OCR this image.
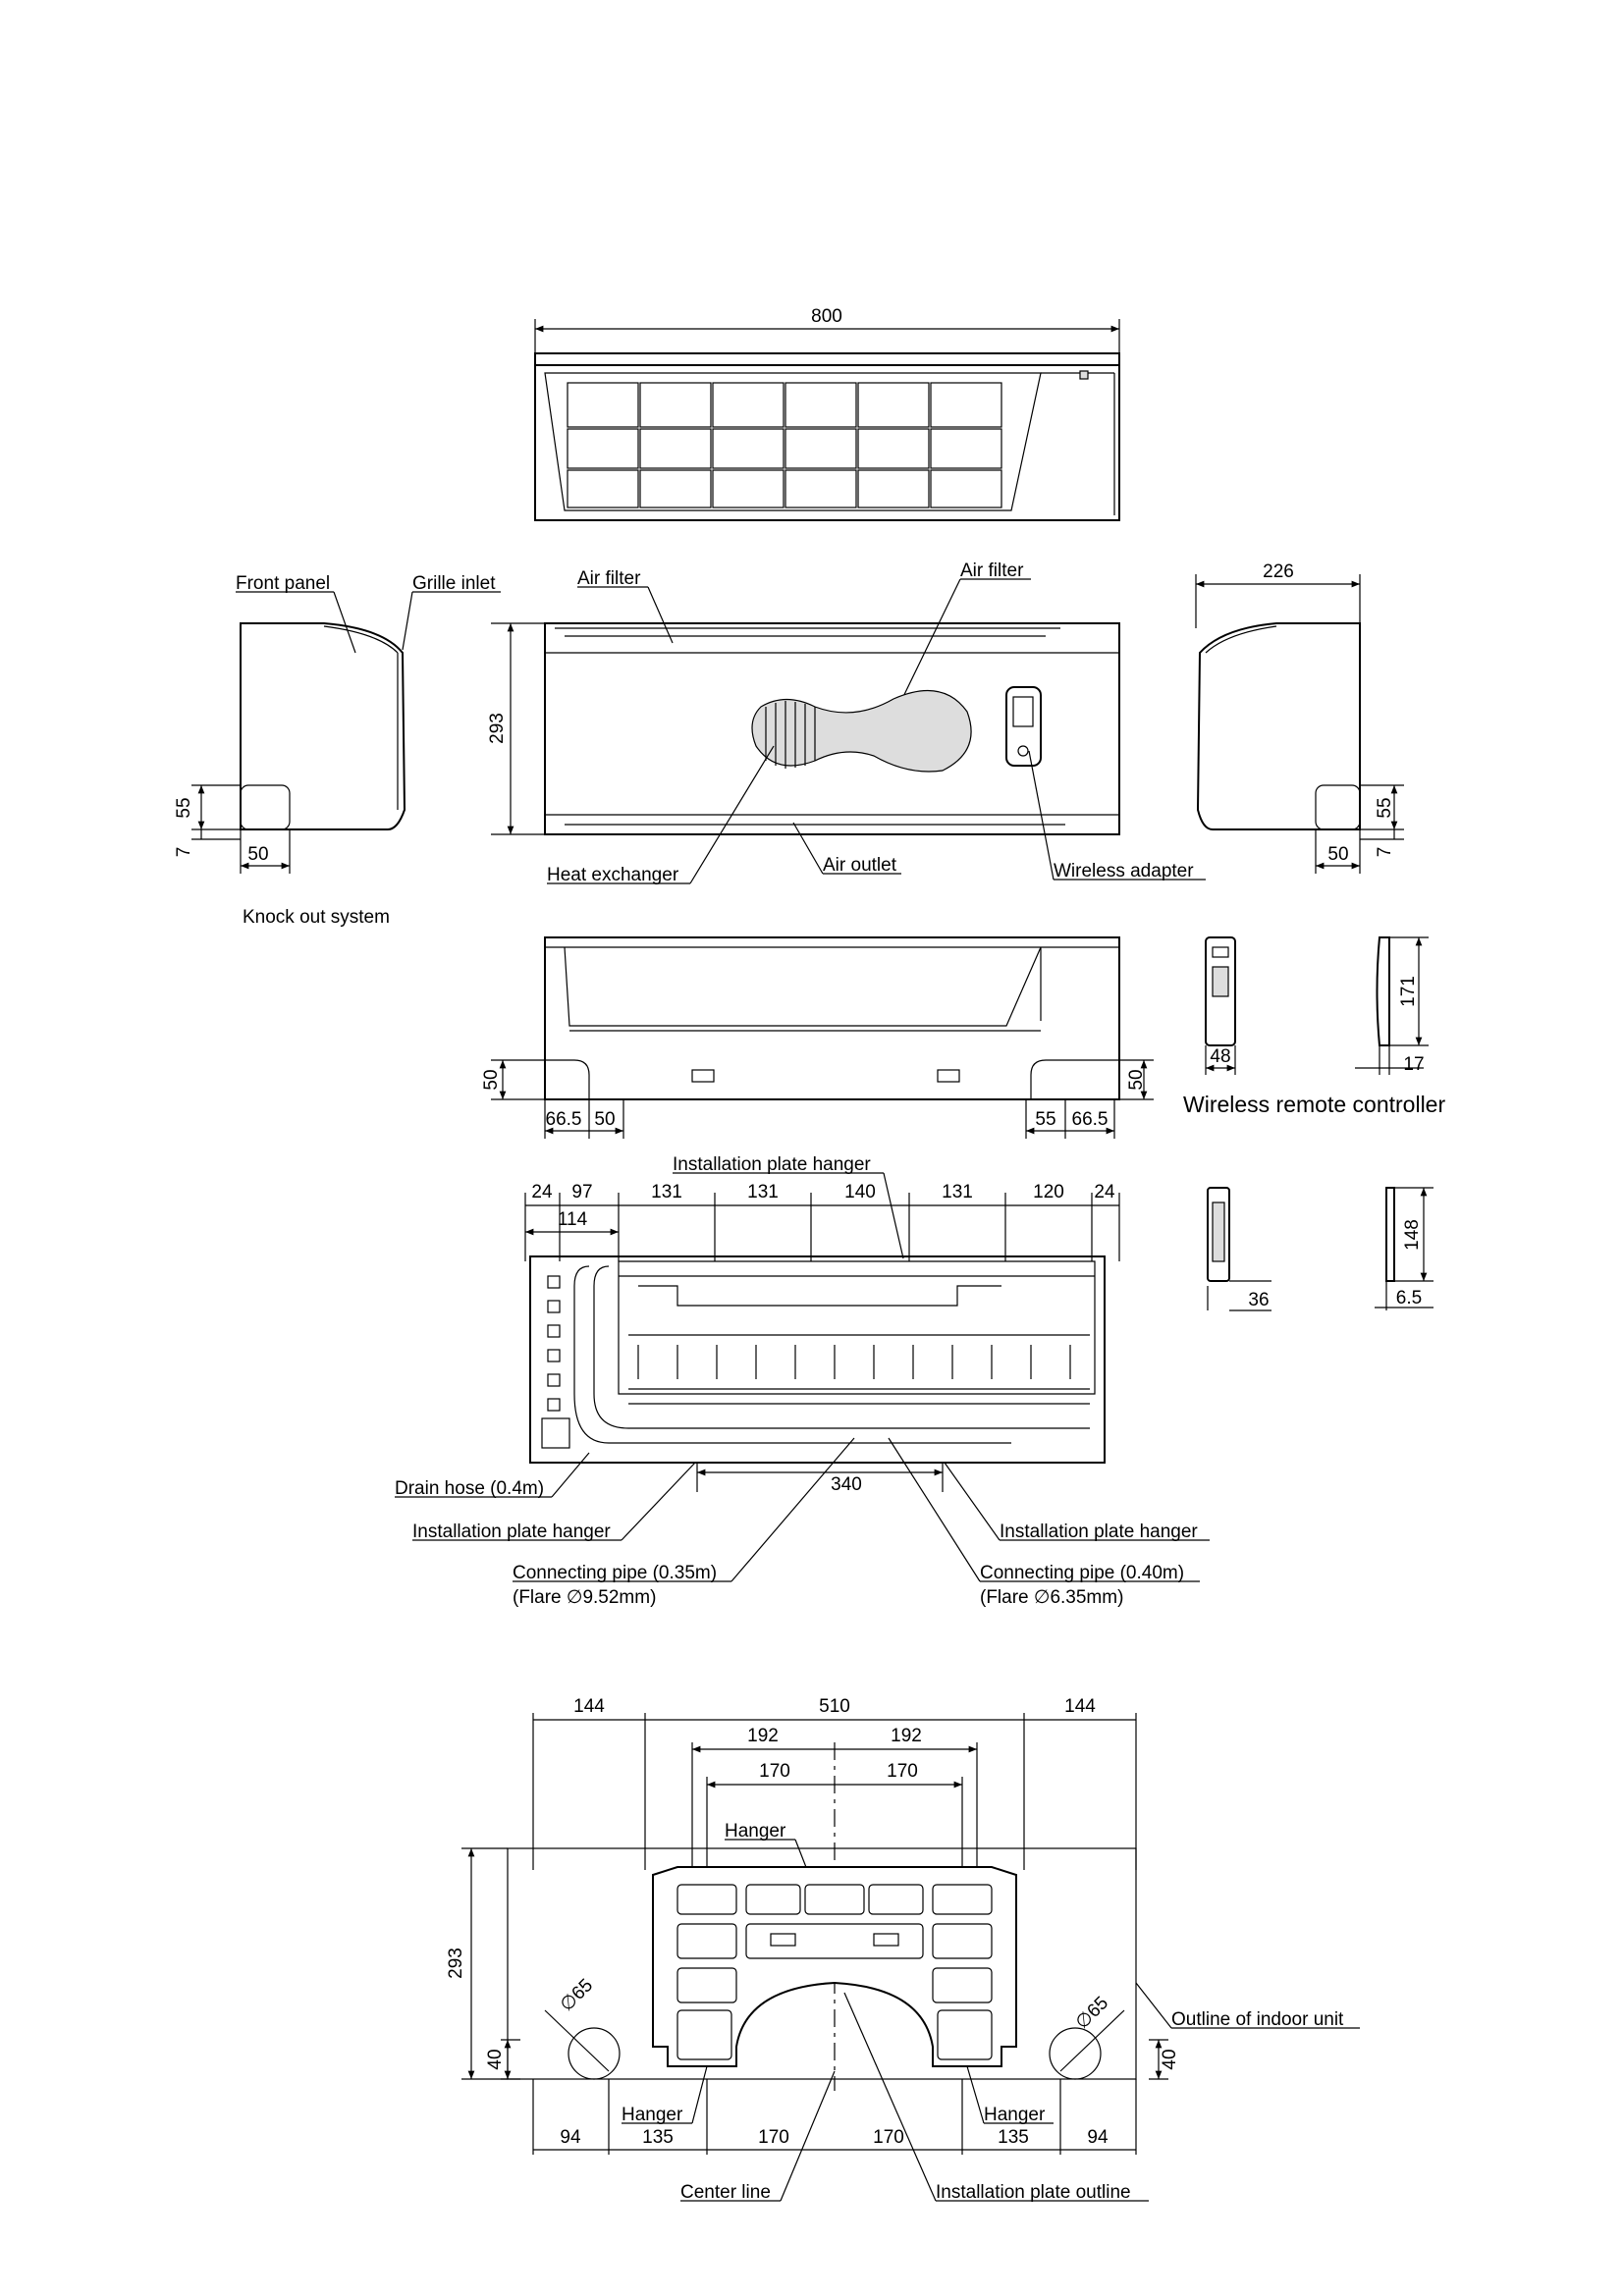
800
Front panel	Grille inlet
55
7	50
Knock out system
Air filter	Air filter
293
Heat exchanger	Air outlet	Wireless adapter
226
55
7
50
50	50
66.5 50	55 66.5
48
171
17
Wireless remote controller
36
148
6.5
Installation plate hanger
24 97	131	131	140	131	120 24
114
340
Drain hose (0.4m)
Installation plate hanger	Installation plate hanger
Connecting pipe (0.35m)
(Flare ∅9.52mm)
Connecting pipe (0.40m)
(Flare ∅6.35mm)
144	510	144
192	192
170	170
Hanger
293
∅65	∅65	Outline of indoor unit
40	40
Hanger	Hanger
94	135	170	170	135	94
Center line	Installation plate outline
